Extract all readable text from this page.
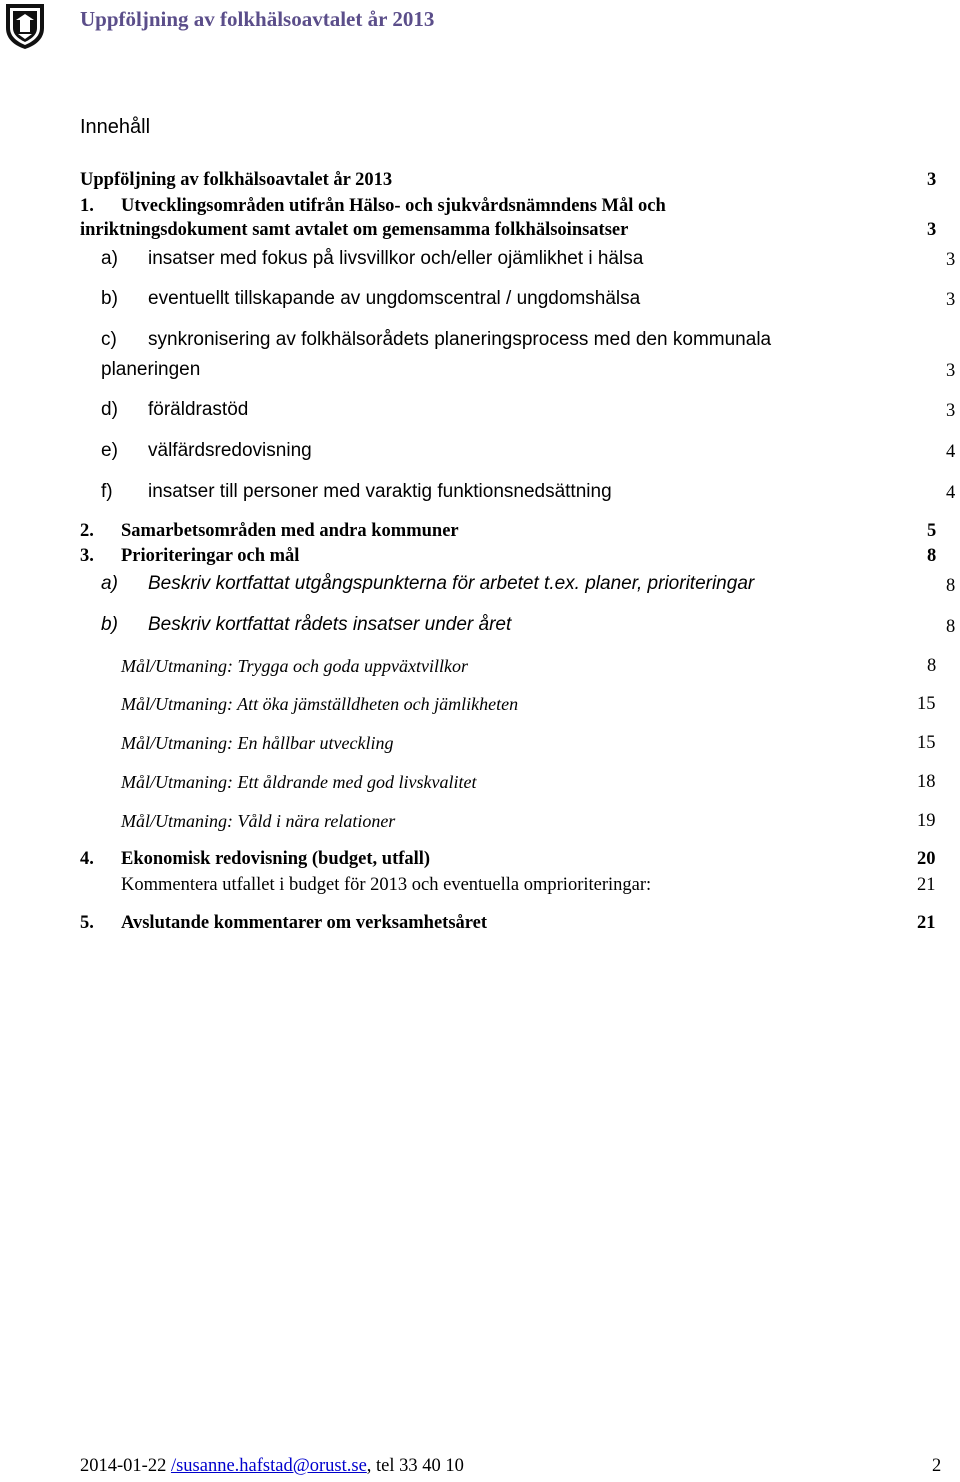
Uppföljning av folkhälsoavtalet år 2013
Innehåll
Uppföljning av folkhälsoavtalet år 2013	3
1. Utvecklingsområden utifrån Hälso- och sjukvårdsnämndens Mål och
inriktningsdokument samt avtalet om gemensamma folkhälsoinsatser	3
a) insatser med fokus på livsvillkor och/eller ojämlikhet i hälsa	3
b) eventuellt tillskapande av ungdomscentral / ungdomshälsa	3
c) synkronisering av folkhälsorådets planeringsprocess med den kommunala
planeringen	3
d) föräldrastöd	3
e) välfärdsredovisning	4
f) insatser till personer med varaktig funktionsnedsättning	4
2. Samarbetsområden med andra kommuner	5
3. Prioriteringar och mål	8
a) Beskriv kortfattat utgångspunkterna för arbetet t.ex. planer, prioriteringar	8
b) Beskriv kortfattat rådets insatser under året	8
Mål/Utmaning: Trygga och goda uppväxtvillkor	8
Mål/Utmaning: Att öka jämställdheten och jämlikheten	15
Mål/Utmaning: En hållbar utveckling	15
Mål/Utmaning: Ett åldrande med god livskvalitet	18
Mål/Utmaning: Våld i nära relationer	19
4. Ekonomisk redovisning (budget, utfall)	20
Kommentera utfallet i budget för 2013 och eventuella omprioriteringar:	21
5. Avslutande kommentarer om verksamhetsåret	21
2014-01-22 /susanne.hafstad@orust.se, tel 33 40 10	2
